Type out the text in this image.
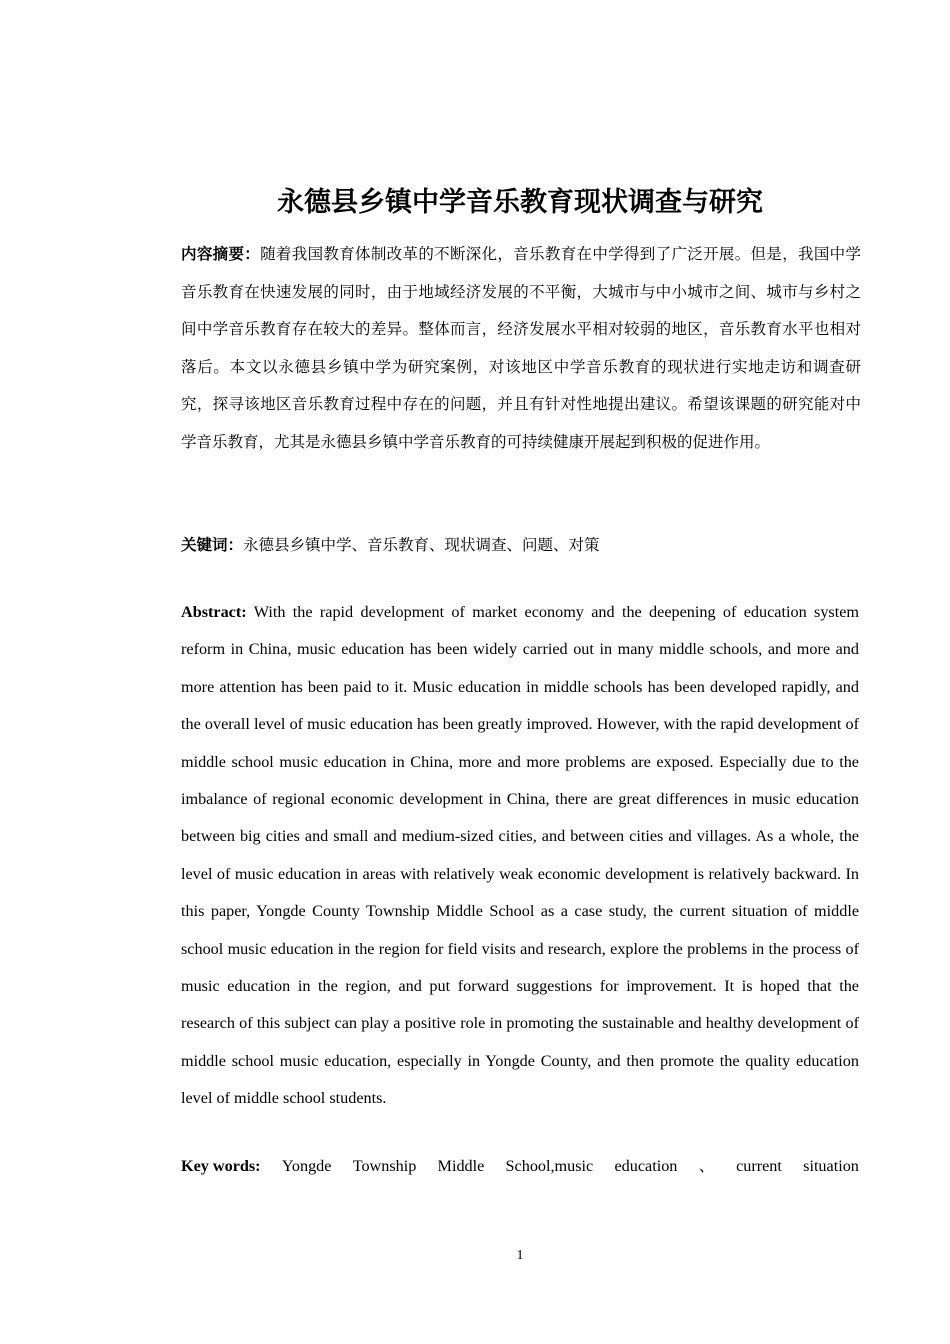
永德县乡镇中学音乐教育现状调查与研究
内容摘要：随着我国教育体制改革的不断深化，音乐教育在中学得到了广泛开展。但是，我国中学音乐教育在快速发展的同时，由于地域经济发展的不平衡，大城市与中小城市之间、城市与乡村之间中学音乐教育存在较大的差异。整体而言，经济发展水平相对较弱的地区，音乐教育水平也相对落后。本文以永德县乡镇中学为研究案例，对该地区中学音乐教育的现状进行实地走访和调查研究，探寻该地区音乐教育过程中存在的问题，并且有针对性地提出建议。希望该课题的研究能对中学音乐教育，尤其是永德县乡镇中学音乐教育的可持续健康开展起到积极的促进作用。
关键词：永德县乡镇中学、音乐教育、现状调查、问题、对策
Abstract: With the rapid development of market economy and the deepening of education system reform in China, music education has been widely carried out in many middle schools, and more and more attention has been paid to it. Music education in middle schools has been developed rapidly, and the overall level of music education has been greatly improved. However, with the rapid development of middle school music education in China, more and more problems are exposed. Especially due to the imbalance of regional economic development in China, there are great differences in music education between big cities and small and medium-sized cities, and between cities and villages. As a whole, the level of music education in areas with relatively weak economic development is relatively backward. In this paper, Yongde County Township Middle School as a case study, the current situation of middle school music education in the region for field visits and research, explore the problems in the process of music education in the region, and put forward suggestions for improvement. It is hoped that the research of this subject can play a positive role in promoting the sustainable and healthy development of middle school music education, especially in Yongde County, and then promote the quality education level of middle school students.
Key words: Yongde Township Middle School,music education 、 current situation
1
